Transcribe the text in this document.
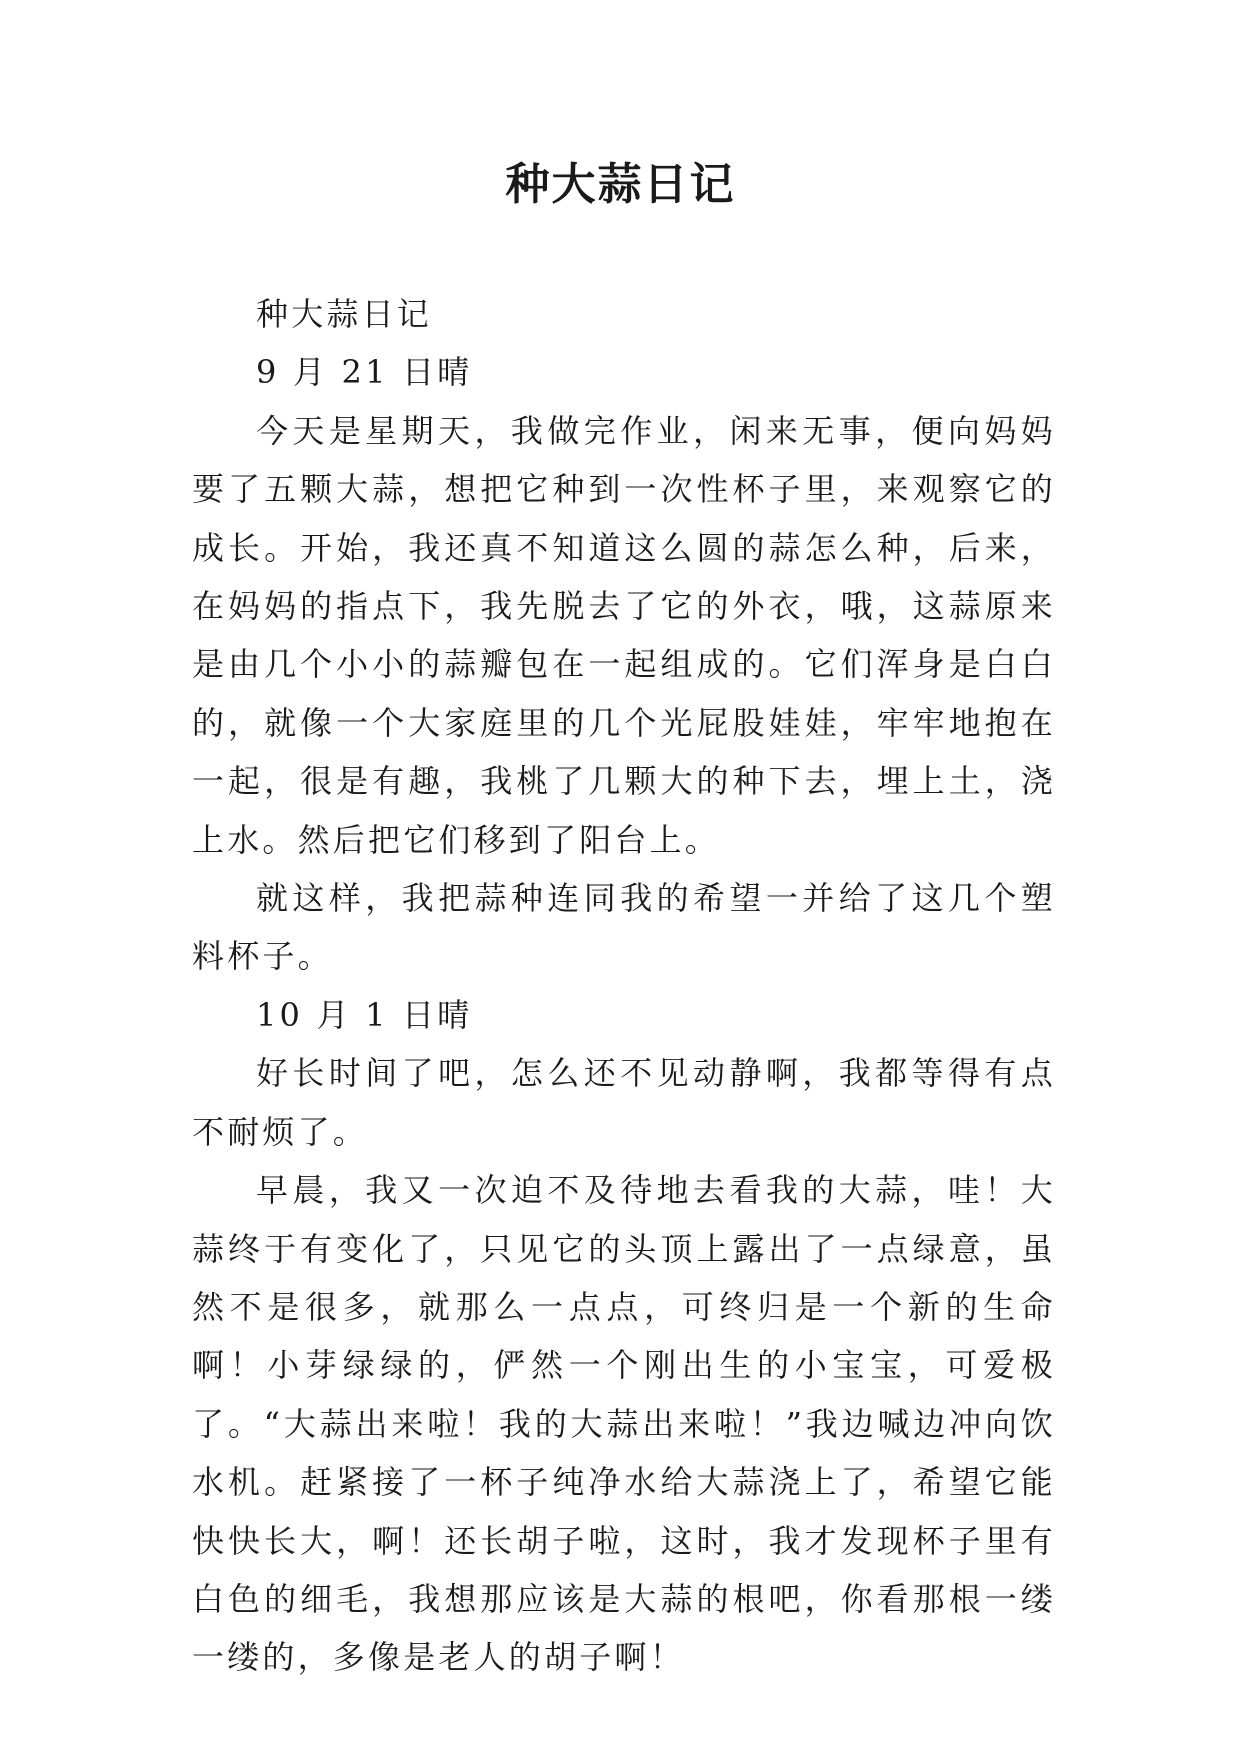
种大蒜日记

种大蒜日记

9 月 21 日晴

今天是星期天，我做完作业，闲来无事，便向妈妈要了五颗大蒜，想把它种到一次性杯子里，来观察它的成长。开始，我还真不知道这么圆的蒜怎么种，后来，在妈妈的指点下，我先脱去了它的外衣，哦，这蒜原来是由几个小小的蒜瓣包在一起组成的。它们浑身是白白的，就像一个大家庭里的几个光屁股娃娃，牢牢地抱在一起，很是有趣，我桃了几颗大的种下去，埋上土，浇上水。然后把它们移到了阳台上。

就这样，我把蒜种连同我的希望一并给了这几个塑料杯子。

10 月 1 日晴

好长时间了吧，怎么还不见动静啊，我都等得有点不耐烦了。

早晨，我又一次迫不及待地去看我的大蒜，哇！大蒜终于有变化了，只见它的头顶上露出了一点绿意，虽然不是很多，就那么一点点，可终归是一个新的生命啊！小芽绿绿的，俨然一个刚出生的小宝宝，可爱极了。“大蒜出来啦！我的大蒜出来啦！”我边喊边冲向饮水机。赶紧接了一杯子纯净水给大蒜浇上了，希望它能快快长大，啊！还长胡子啦，这时，我才发现杯子里有白色的细毛，我想那应该是大蒜的根吧，你看那根一缕一缕的，多像是老人的胡子啊！
